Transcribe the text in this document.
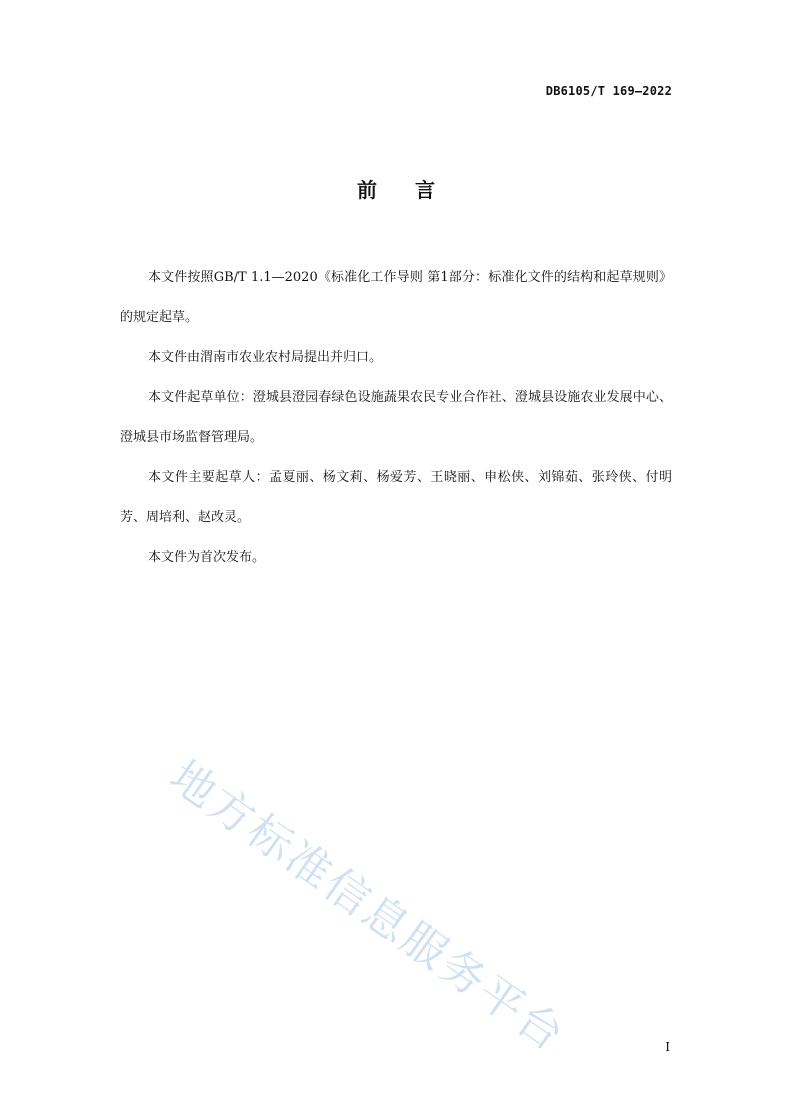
DB6105/T 169—2022
前言

本文件按照GB/T 1.1—2020《标准化工作导则 第1部分：标准化文件的结构和起草规则》的规定起草。

本文件由渭南市农业农村局提出并归口。

本文件起草单位：澄城县澄园春绿色设施蔬果农民专业合作社、澄城县设施农业发展中心、澄城县市场监督管理局。

本文件主要起草人：孟夏丽、杨文莉、杨爱芳、王晓丽、申松侠、刘锦茹、张玲侠、付明芳、周培利、赵改灵。

本文件为首次发布。

地方标准信息服务平台	I
